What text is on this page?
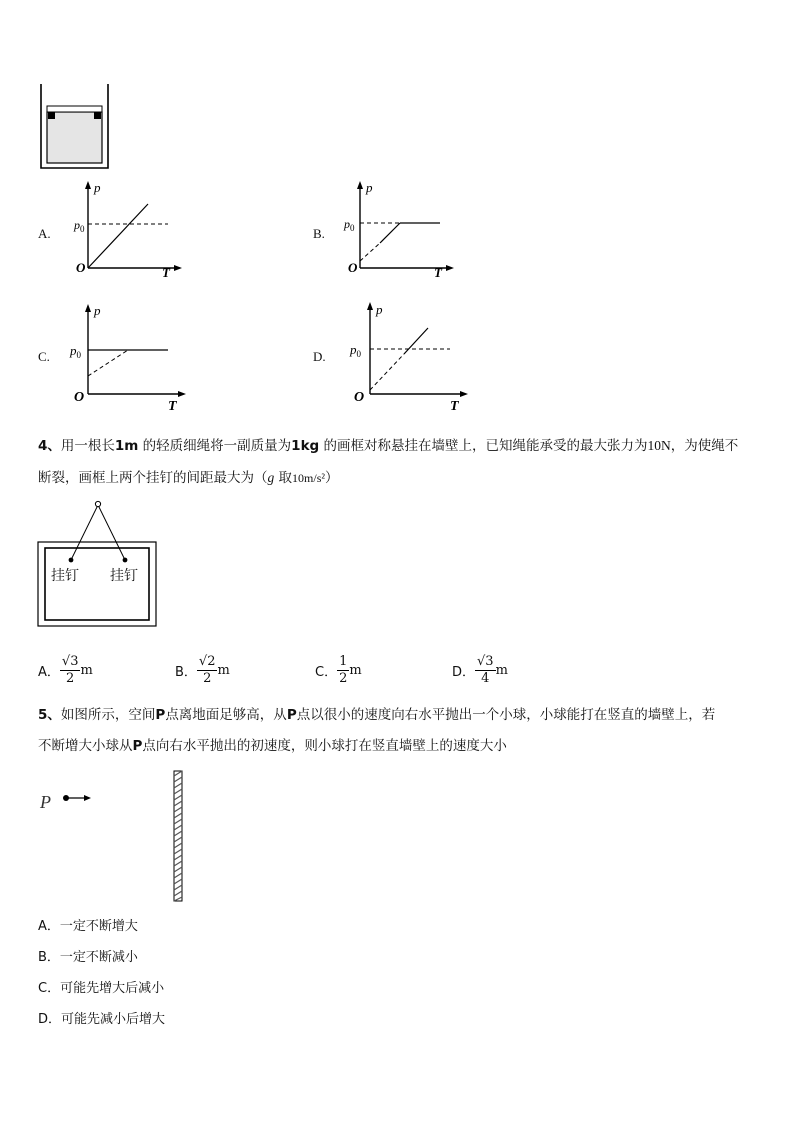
A.
p
$p_0$
O	T
B.
p
$p_0$
O	T
C.
p
$p_0$
O
T
D.
p
$p_0$
O
T
4、用一根长1m 的轻质细绳将一副质量为1kg 的画框对称悬挂在墙壁上，已知绳能承受的最大张力为10N，为使绳不
断裂，画框上两个挂钉的间距最大为（g 取10m/s²）
挂钉 挂钉
A． $\frac{√3}{2}$ m	B． $\frac{√2}{2}$ m	C． $\frac{1}{2}$ m	D． $\frac{√3}{4}$ m
5、如图所示，空间P点离地面足够高，从P点以很小的速度向右水平抛出一个小球，小球能打在竖直的墙壁上，若
不断增大小球从P点向右水平抛出的初速度，则小球打在竖直墙壁上的速度大小
P
A．一定不断增大
B．一定不断减小
C．可能先增大后减小
D．可能先减小后增大
